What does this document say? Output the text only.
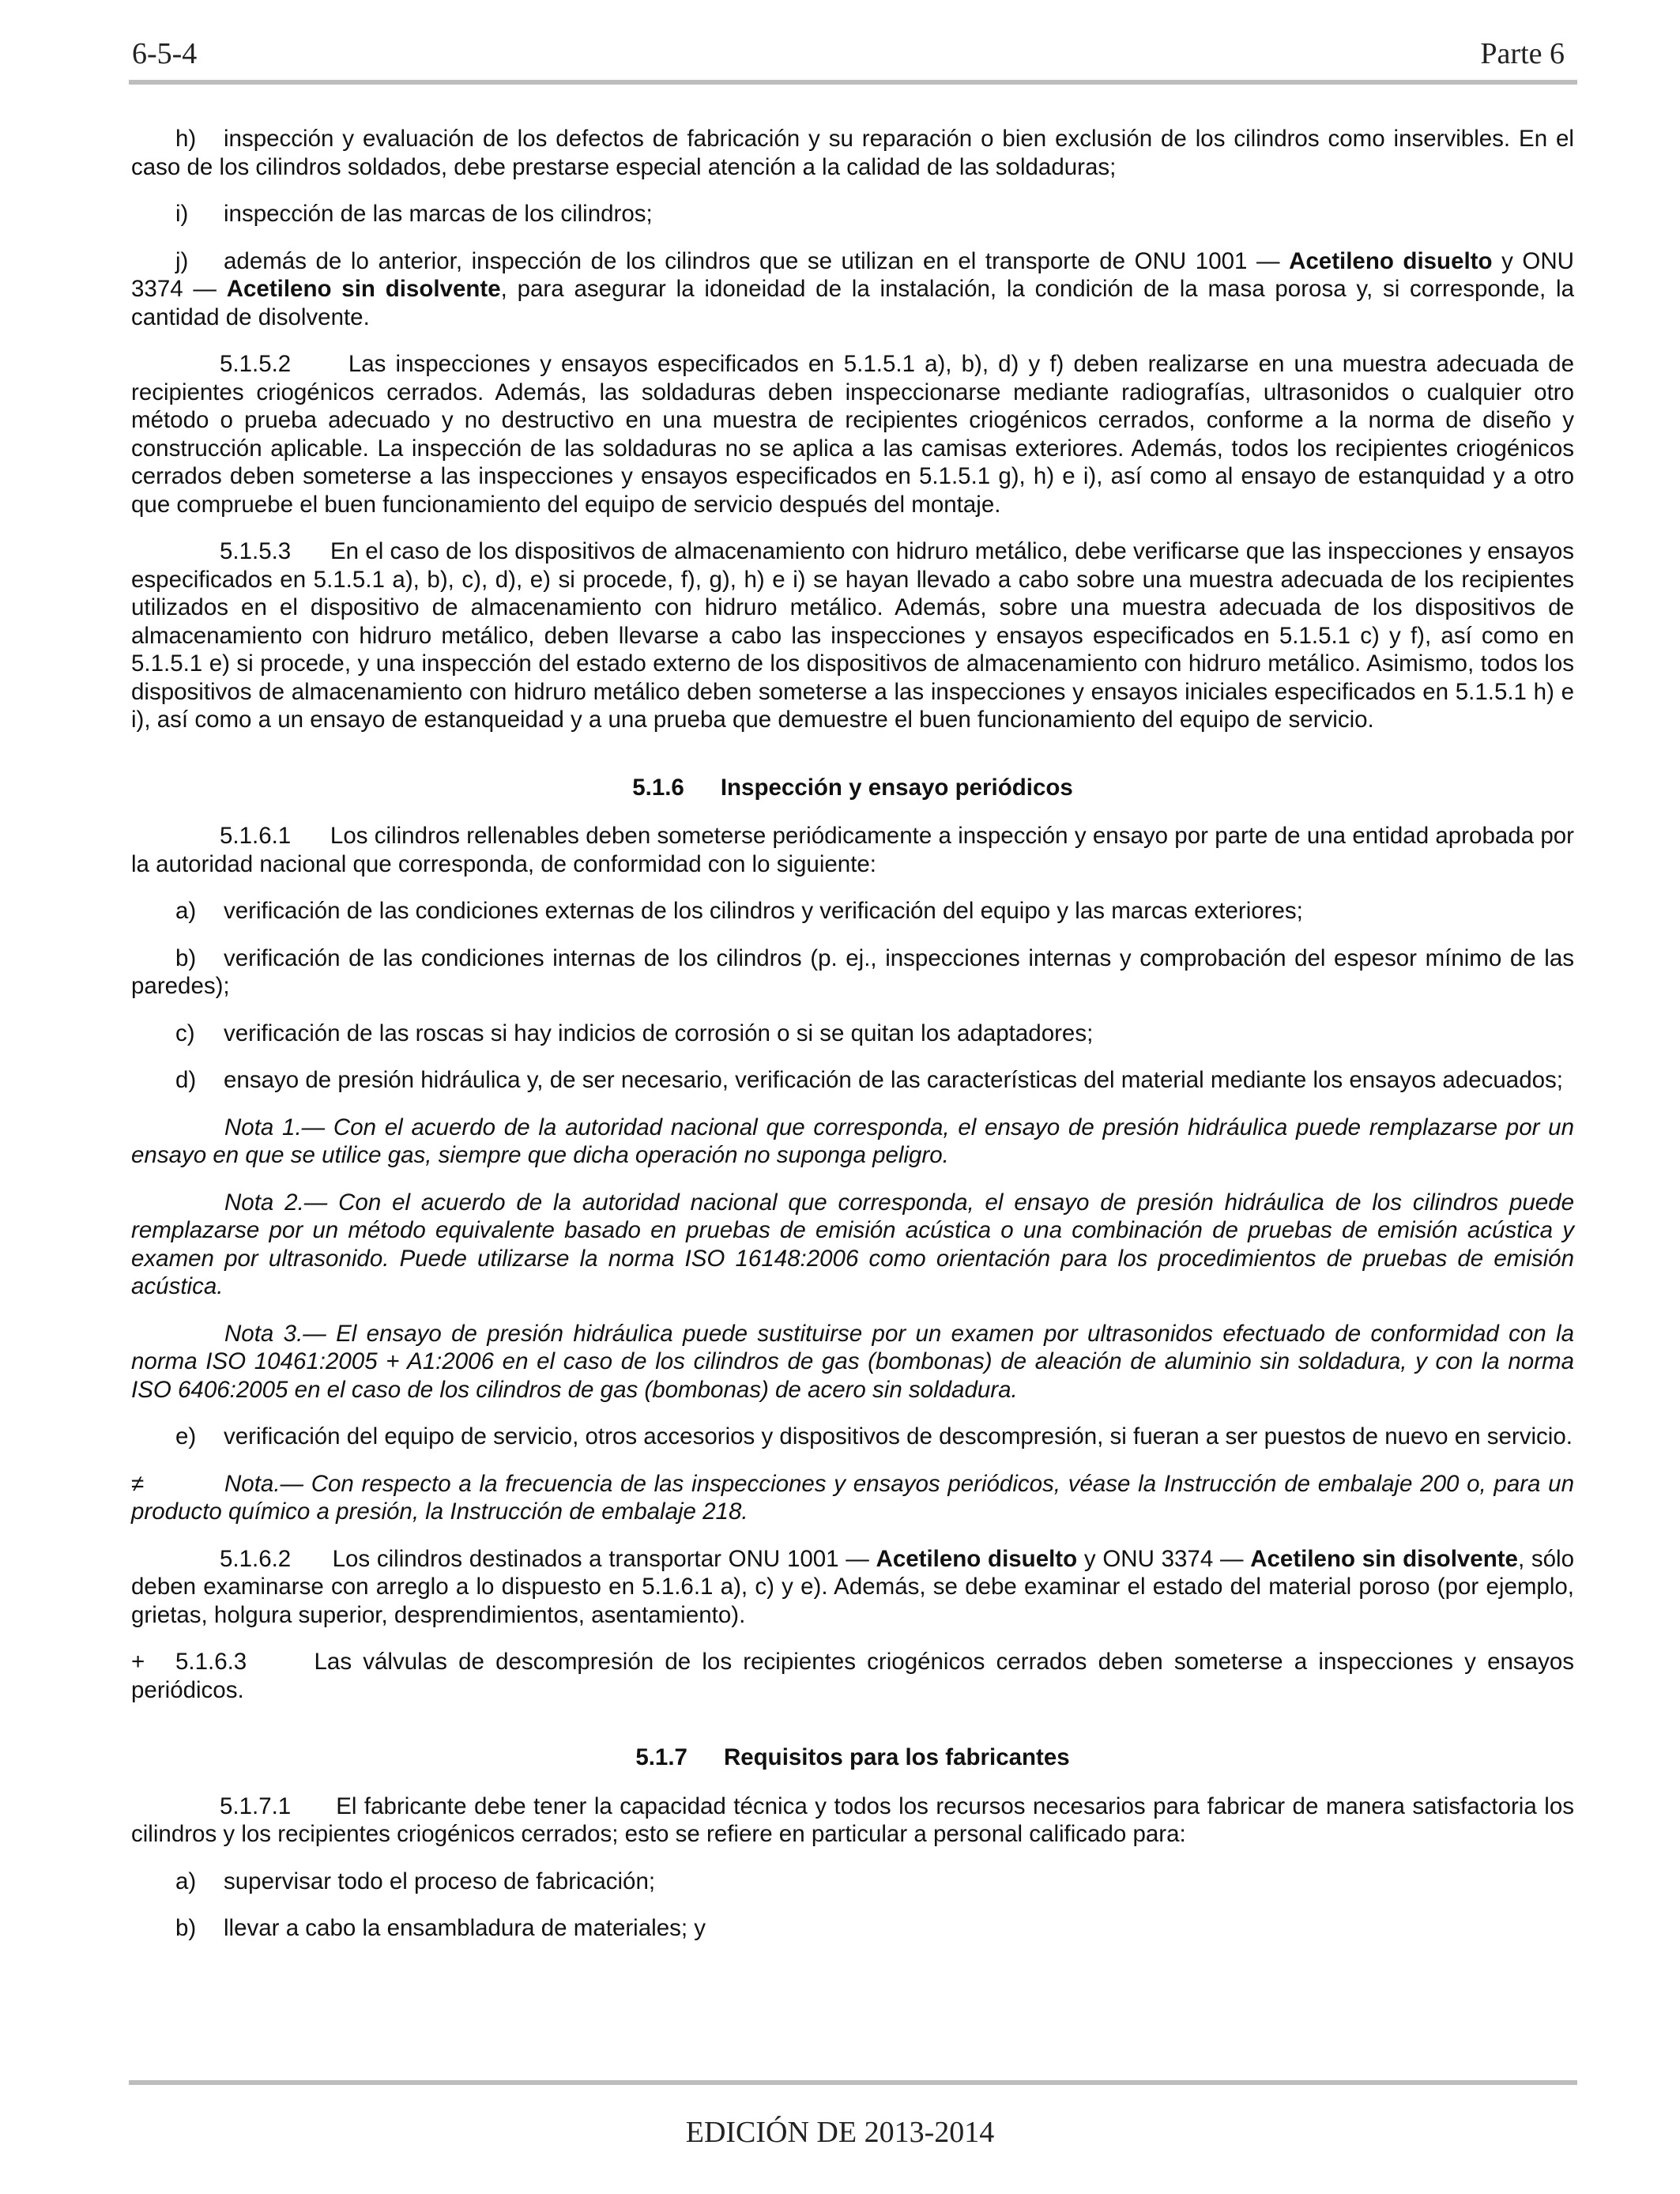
6-5-4	Parte 6

h) inspección y evaluación de los defectos de fabricación y su reparación o bien exclusión de los cilindros como inservibles. En el caso de los cilindros soldados, debe prestarse especial atención a la calidad de las soldaduras;

i) inspección de las marcas de los cilindros;

j) además de lo anterior, inspección de los cilindros que se utilizan en el transporte de ONU 1001 — Acetileno disuelto y ONU 3374 — Acetileno sin disolvente, para asegurar la idoneidad de la instalación, la condición de la masa porosa y, si corresponde, la cantidad de disolvente.

5.1.5.2 Las inspecciones y ensayos especificados en 5.1.5.1 a), b), d) y f) deben realizarse en una muestra adecuada de recipientes criogénicos cerrados. Además, las soldaduras deben inspeccionarse mediante radiografías, ultrasonidos o cualquier otro método o prueba adecuado y no destructivo en una muestra de recipientes criogénicos cerrados, conforme a la norma de diseño y construcción aplicable. La inspección de las soldaduras no se aplica a las camisas exteriores. Además, todos los recipientes criogénicos cerrados deben someterse a las inspecciones y ensayos especificados en 5.1.5.1 g), h) e i), así como al ensayo de estanquidad y a otro que compruebe el buen funcionamiento del equipo de servicio después del montaje.

5.1.5.3 En el caso de los dispositivos de almacenamiento con hidruro metálico, debe verificarse que las inspecciones y ensayos especificados en 5.1.5.1 a), b), c), d), e) si procede, f), g), h) e i) se hayan llevado a cabo sobre una muestra adecuada de los recipientes utilizados en el dispositivo de almacenamiento con hidruro metálico. Además, sobre una muestra adecuada de los dispositivos de almacenamiento con hidruro metálico, deben llevarse a cabo las inspecciones y ensayos especificados en 5.1.5.1 c) y f), así como en 5.1.5.1 e) si procede, y una inspección del estado externo de los dispositivos de almacenamiento con hidruro metálico. Asimismo, todos los dispositivos de almacenamiento con hidruro metálico deben someterse a las inspecciones y ensayos iniciales especificados en 5.1.5.1 h) e i), así como a un ensayo de estanqueidad y a una prueba que demuestre el buen funcionamiento del equipo de servicio.

5.1.6 Inspección y ensayo periódicos

5.1.6.1 Los cilindros rellenables deben someterse periódicamente a inspección y ensayo por parte de una entidad aprobada por la autoridad nacional que corresponda, de conformidad con lo siguiente:

a) verificación de las condiciones externas de los cilindros y verificación del equipo y las marcas exteriores;

b) verificación de las condiciones internas de los cilindros (p. ej., inspecciones internas y comprobación del espesor mínimo de las paredes);

c) verificación de las roscas si hay indicios de corrosión o si se quitan los adaptadores;

d) ensayo de presión hidráulica y, de ser necesario, verificación de las características del material mediante los ensayos adecuados;

Nota 1.— Con el acuerdo de la autoridad nacional que corresponda, el ensayo de presión hidráulica puede remplazarse por un ensayo en que se utilice gas, siempre que dicha operación no suponga peligro.

Nota 2.— Con el acuerdo de la autoridad nacional que corresponda, el ensayo de presión hidráulica de los cilindros puede remplazarse por un método equivalente basado en pruebas de emisión acústica o una combinación de pruebas de emisión acústica y examen por ultrasonido. Puede utilizarse la norma ISO 16148:2006 como orientación para los procedimientos de pruebas de emisión acústica.

Nota 3.— El ensayo de presión hidráulica puede sustituirse por un examen por ultrasonidos efectuado de conformidad con la norma ISO 10461:2005 + A1:2006 en el caso de los cilindros de gas (bombonas) de aleación de aluminio sin soldadura, y con la norma ISO 6406:2005 en el caso de los cilindros de gas (bombonas) de acero sin soldadura.

e) verificación del equipo de servicio, otros accesorios y dispositivos de descompresión, si fueran a ser puestos de nuevo en servicio.

≠	Nota.— Con respecto a la frecuencia de las inspecciones y ensayos periódicos, véase la Instrucción de embalaje 200 o, para un producto químico a presión, la Instrucción de embalaje 218.

5.1.6.2 Los cilindros destinados a transportar ONU 1001 — Acetileno disuelto y ONU 3374 — Acetileno sin disolvente, sólo deben examinarse con arreglo a lo dispuesto en 5.1.6.1 a), c) y e). Además, se debe examinar el estado del material poroso (por ejemplo, grietas, holgura superior, desprendimientos, asentamiento).

+ 5.1.6.3	Las válvulas de descompresión de los recipientes criogénicos cerrados deben someterse a inspecciones y ensayos periódicos.

5.1.7 Requisitos para los fabricantes

5.1.7.1 El fabricante debe tener la capacidad técnica y todos los recursos necesarios para fabricar de manera satisfactoria los cilindros y los recipientes criogénicos cerrados; esto se refiere en particular a personal calificado para:

a) supervisar todo el proceso de fabricación;

b) llevar a cabo la ensambladura de materiales; y

EDICIÓN DE 2013-2014
